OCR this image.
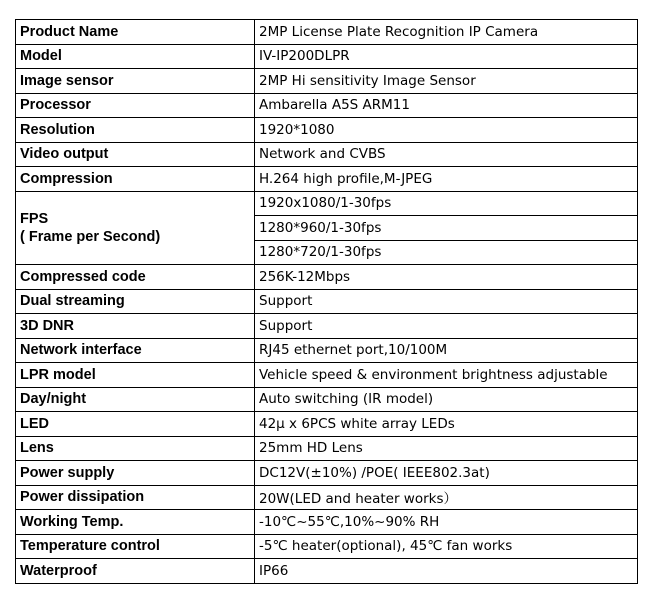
Product Name	2MP License Plate Recognition IP Camera
Model	IV-IP200DLPR
Image sensor	2MP Hi sensitivity Image Sensor
Processor	Ambarella A5S ARM11
Resolution	1920*1080
Video output	Network and CVBS
Compression	H.264 high profile,M-JPEG

FPS
( Frame per Second)	1920x1080/1-30fps
	1280*960/1-30fps
	1280*720/1-30fps
Compressed code	256K-12Mbps
Dual streaming	Support
3D DNR	Support
Network interface	RJ45 ethernet port,10/100M
LPR model	Vehicle speed & environment brightness adjustable
Day/night	Auto switching (IR model)
LED	42μ x 6PCS white array LEDs
Lens	25mm HD Lens
Power supply	DC12V(±10%) /POE( IEEE802.3at)
Power dissipation	20W(LED and heater works）
Working Temp.	-10℃~55℃,10%~90% RH
Temperature control	-5℃ heater(optional), 45℃ fan works
Waterproof	IP66
